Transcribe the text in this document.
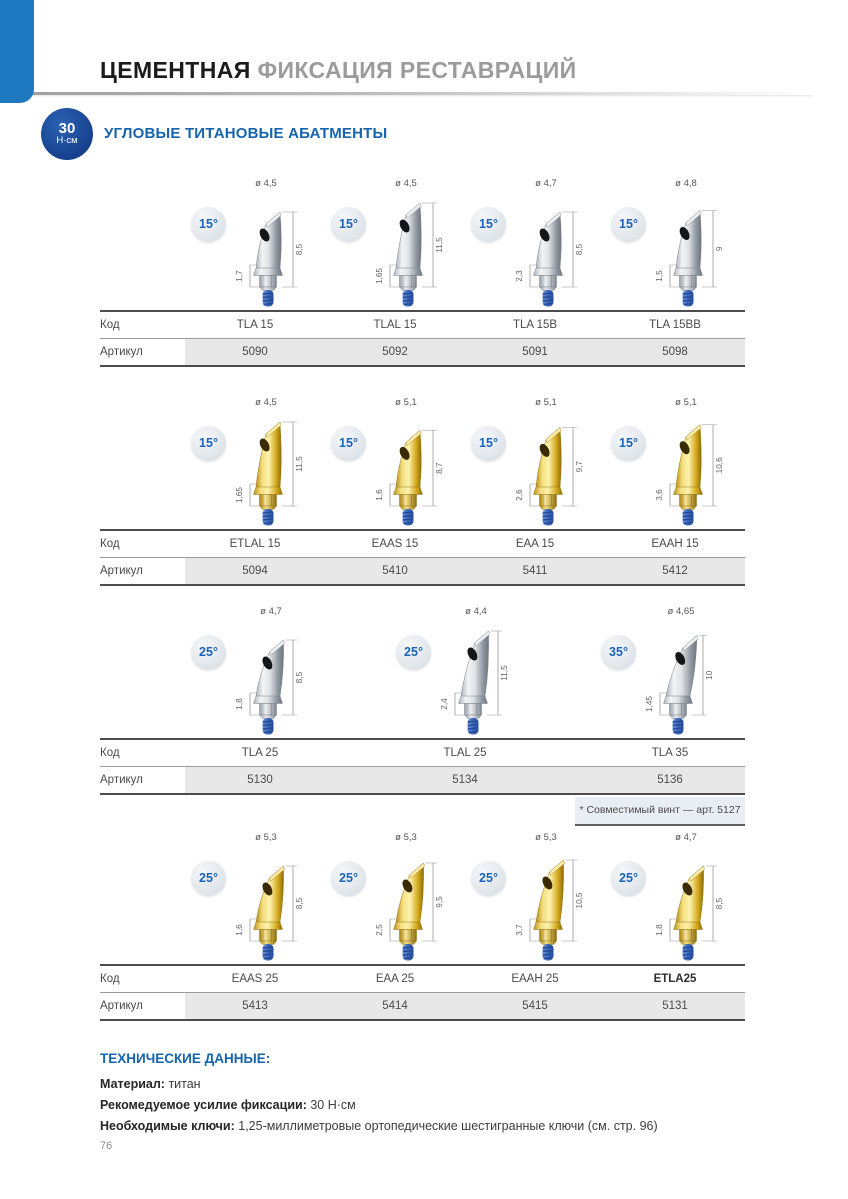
ЦЕМЕНТНАЯ ФИКСАЦИЯ РЕСТАВРАЦИЙ
30
Н·см УГЛОВЫЕ ТИТАНОВЫЕ АБАТМЕНТЫ
ø 4,5
15°
8,5
1,7
ø 4,5
15°
11,5
1,65
ø 4,7
15°
8,5
2,3
ø 4,8
15°
9
1,5
Код	TLA 15	TLAL 15	TLA 15B	TLA 15BB
Артикул	5090	5092	5091	5098
ø 4,5
15°
11,5
1,65
ø 5,1
15°
8,7
1,6
ø 5,1
15°
9,7
2,6
ø 5,1
15°
10,6
3,6
Код	ETLAL 15	EAAS 15	EAA 15	EAAH 15
Артикул	5094	5410	5411	5412
ø 4,7
25°
8,5
1,8
ø 4,4
25°
11,5
2,4
ø 4,65
35°
10
1,45
Код	TLA 25	TLAL 25	TLA 35
Артикул	5130	5134	5136
* Совместимый винт — арт. 5127
ø 5,3
25°
8,5
1,6
ø 5,3
25°
9,5
2,5
ø 5,3
25°
10,5
3,7
ø 4,7
25°
8,5
1,8
Код	EAAS 25	EAA 25	EAAH 25	ETLA25
Артикул	5413	5414	5415	5131
ТЕХНИЧЕСКИЕ ДАННЫЕ:
Материал: титан
Рекомедуемое усилие фиксации: 30 Н·см
Необходимые ключи: 1,25-миллиметровые ортопедические шестигранные ключи (см. стр. 96)
76
